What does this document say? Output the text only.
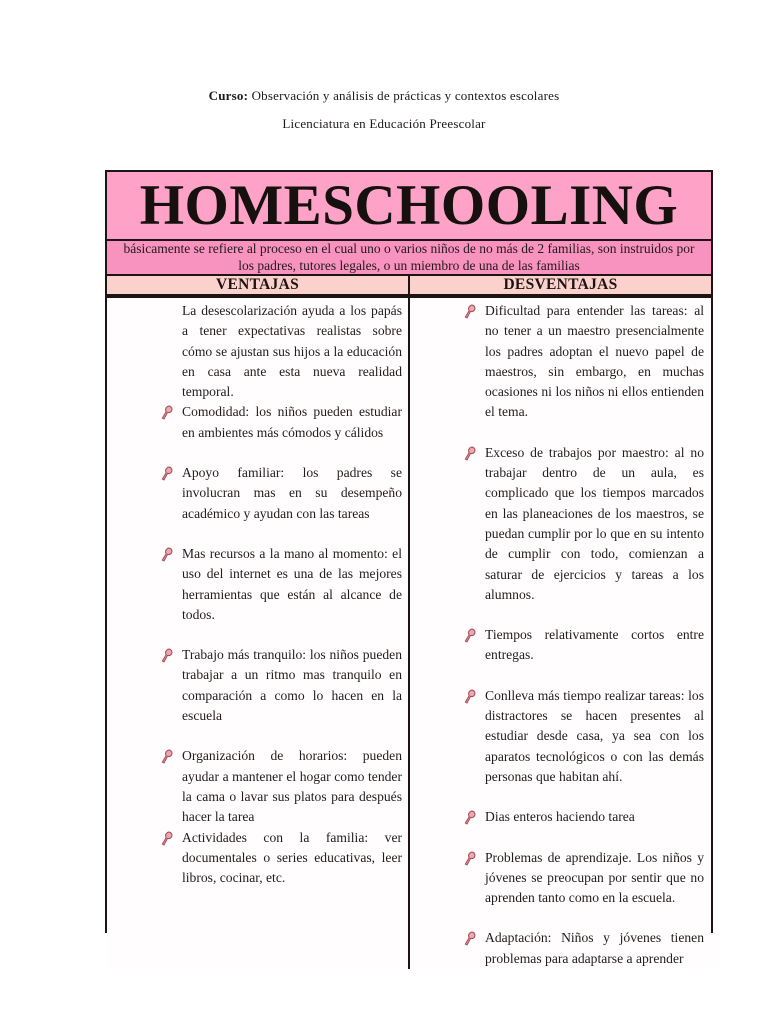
Curso: Observación y análisis de prácticas y contextos escolares
Licenciatura en Educación Preescolar
HOMESCHOOLING
básicamente se refiere al proceso en el cual uno o varios niños de no más de 2 familias, son instruidos por los padres, tutores legales, o un miembro de una de las familias
VENTAJAS	DESVENTAJAS
La desescolarización ayuda a los papás a tener expectativas realistas sobre cómo se ajustan sus hijos a la educación en casa ante esta nueva realidad temporal.
Comodidad: los niños pueden estudiar en ambientes más cómodos y cálidos
Apoyo familiar: los padres se involucran mas en su desempeño académico y ayudan con las tareas
Mas recursos a la mano al momento: el uso del internet es una de las mejores herramientas que están al alcance de todos.
Trabajo más tranquilo: los niños pueden trabajar a un ritmo mas tranquilo en comparación a como lo hacen en la escuela
Organización de horarios: pueden ayudar a mantener el hogar como tender la cama o lavar sus platos para después hacer la tarea
Actividades con la familia: ver documentales o series educativas, leer libros, cocinar, etc.
Dificultad para entender las tareas: al no tener a un maestro presencialmente los padres adoptan el nuevo papel de maestros, sin embargo, en muchas ocasiones ni los niños ni ellos entienden el tema.
Exceso de trabajos por maestro: al no trabajar dentro de un aula, es complicado que los tiempos marcados en las planeaciones de los maestros, se puedan cumplir por lo que en su intento de cumplir con todo, comienzan a saturar de ejercicios y tareas a los alumnos.
Tiempos relativamente cortos entre entregas.
Conlleva más tiempo realizar tareas: los distractores se hacen presentes al estudiar desde casa, ya sea con los aparatos tecnológicos o con las demás personas que habitan ahí.
Dias enteros haciendo tarea
Problemas de aprendizaje. Los niños y jóvenes se preocupan por sentir que no aprenden tanto como en la escuela.
Adaptación: Niños y jóvenes tienen problemas para adaptarse a aprender
